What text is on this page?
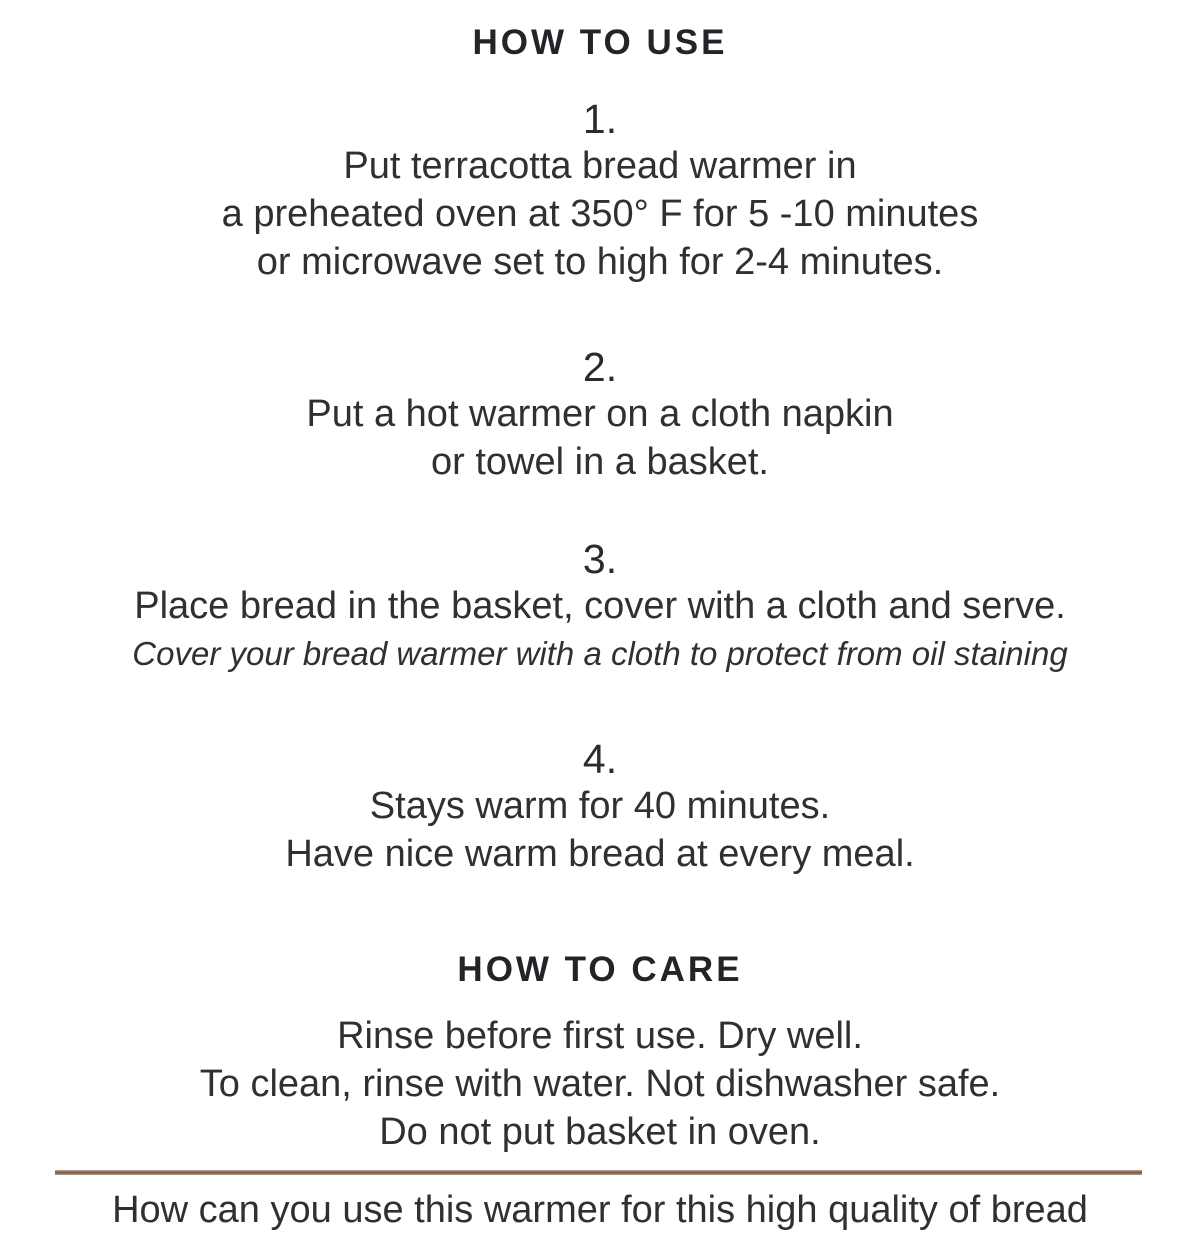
HOW TO USE
1.
Put terracotta bread warmer in
a preheated oven at 350° F for 5 -10 minutes
or microwave set to high for 2-4 minutes.
2.
Put a hot warmer on a cloth napkin
or towel in a basket.
3.
Place bread in the basket, cover with a cloth and serve.
Cover your bread warmer with a cloth to protect from oil staining
4.
Stays warm for 40 minutes.
Have nice warm bread at every meal.
HOW TO CARE
Rinse before first use. Dry well.
To clean, rinse with water. Not dishwasher safe.
Do not put basket in oven.
How can you use this warmer for this high quality of bread
